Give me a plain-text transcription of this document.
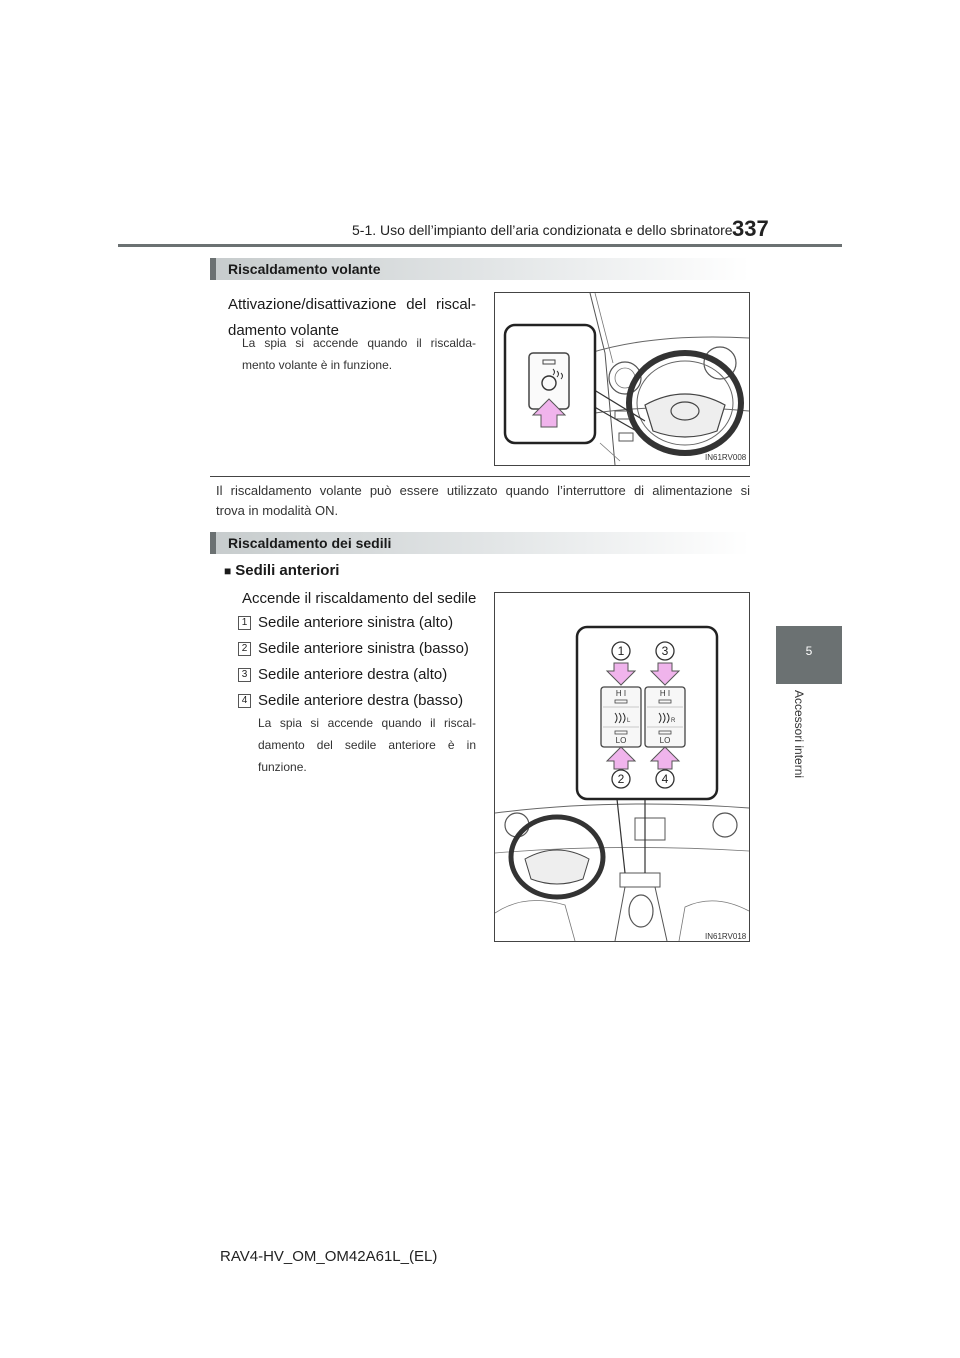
5-1. Uso dell’impianto dell’aria condizionata e dello sbrinatore 337
5
Accessori interni
Riscaldamento volante
Attivazione/disattivazione del riscal-
damento volante
La spia si accende quando il riscalda-
mento volante è in funzione.
IN61RV008
Il riscaldamento volante può essere utilizzato quando l’interruttore di alimentazione si
trova in modalità ON.
Riscaldamento dei sedili
■ Sedili anteriori
Accende il riscaldamento del sedile
1 Sedile anteriore sinistra (alto)
2 Sedile anteriore sinistra (basso)
3 Sedile anteriore destra (alto)
4 Sedile anteriore destra (basso)
La spia si accende quando il riscal-
damento del sedile anteriore è in
funzione.
IN61RV018
H I	H I
LO	LO
L	R
1	3
2	4
RAV4-HV_OM_OM42A61L_(EL)
